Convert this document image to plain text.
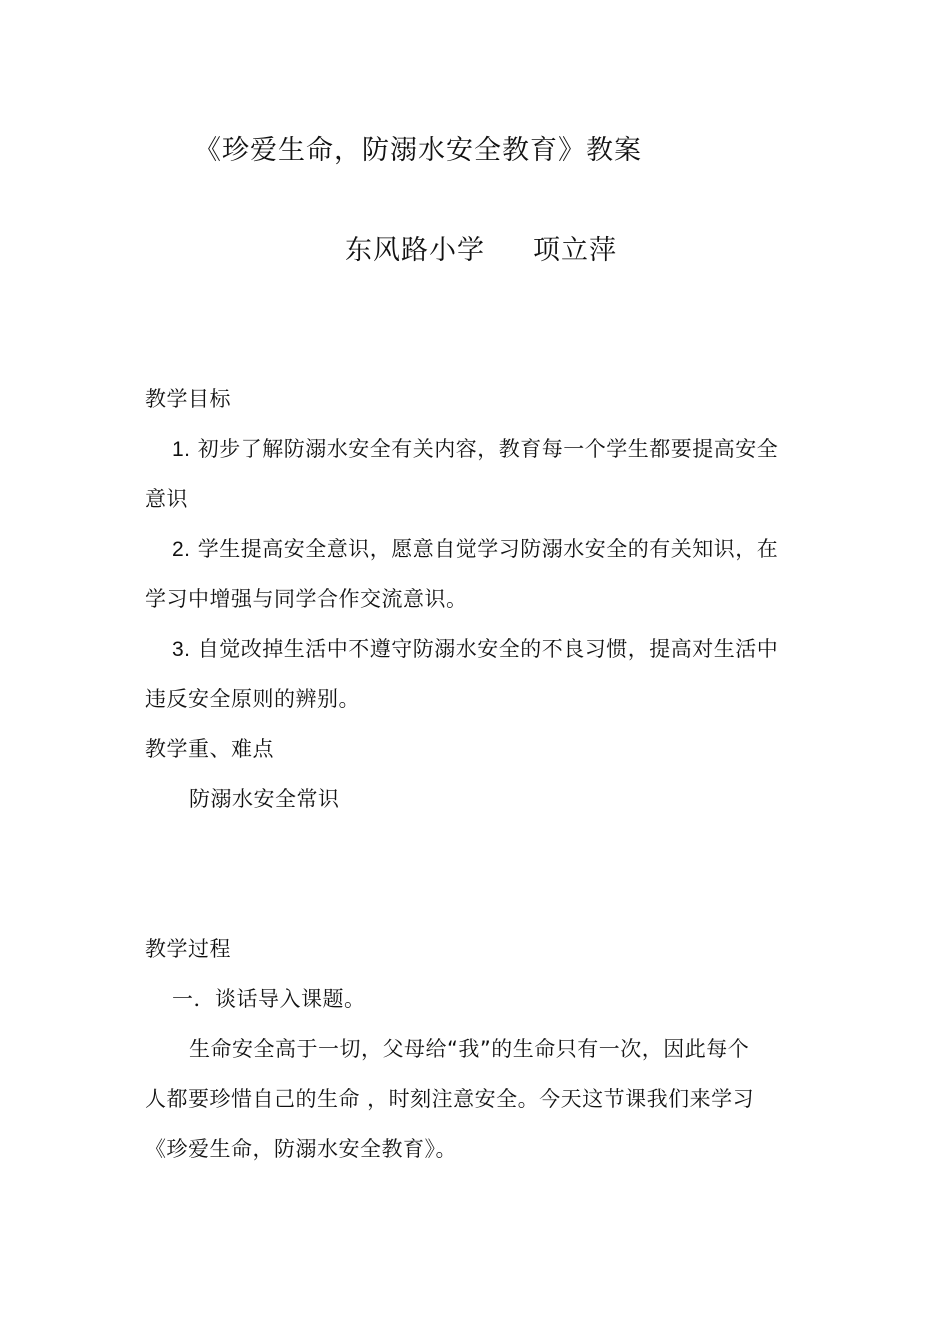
《珍爱生命，防溺水安全教育》教案
东风路小学 项立萍
教学目标
1. 初步了解防溺水安全有关内容，教育每一个学生都要提高安全
意识
2. 学生提高安全意识，愿意自觉学习防溺水安全的有关知识，在
学习中增强与同学合作交流意识。
3. 自觉改掉生活中不遵守防溺水安全的不良习惯，提高对生活中
违反安全原则的辨别。
教学重、难点
防溺水安全常识
教学过程
一．谈话导入课题。
生命安全高于一切，父母给“我”的生命只有一次，因此每个
人都要珍惜自己的生命 ，时刻注意安全。今天这节课我们来学习
《珍爱生命，防溺水安全教育》。
